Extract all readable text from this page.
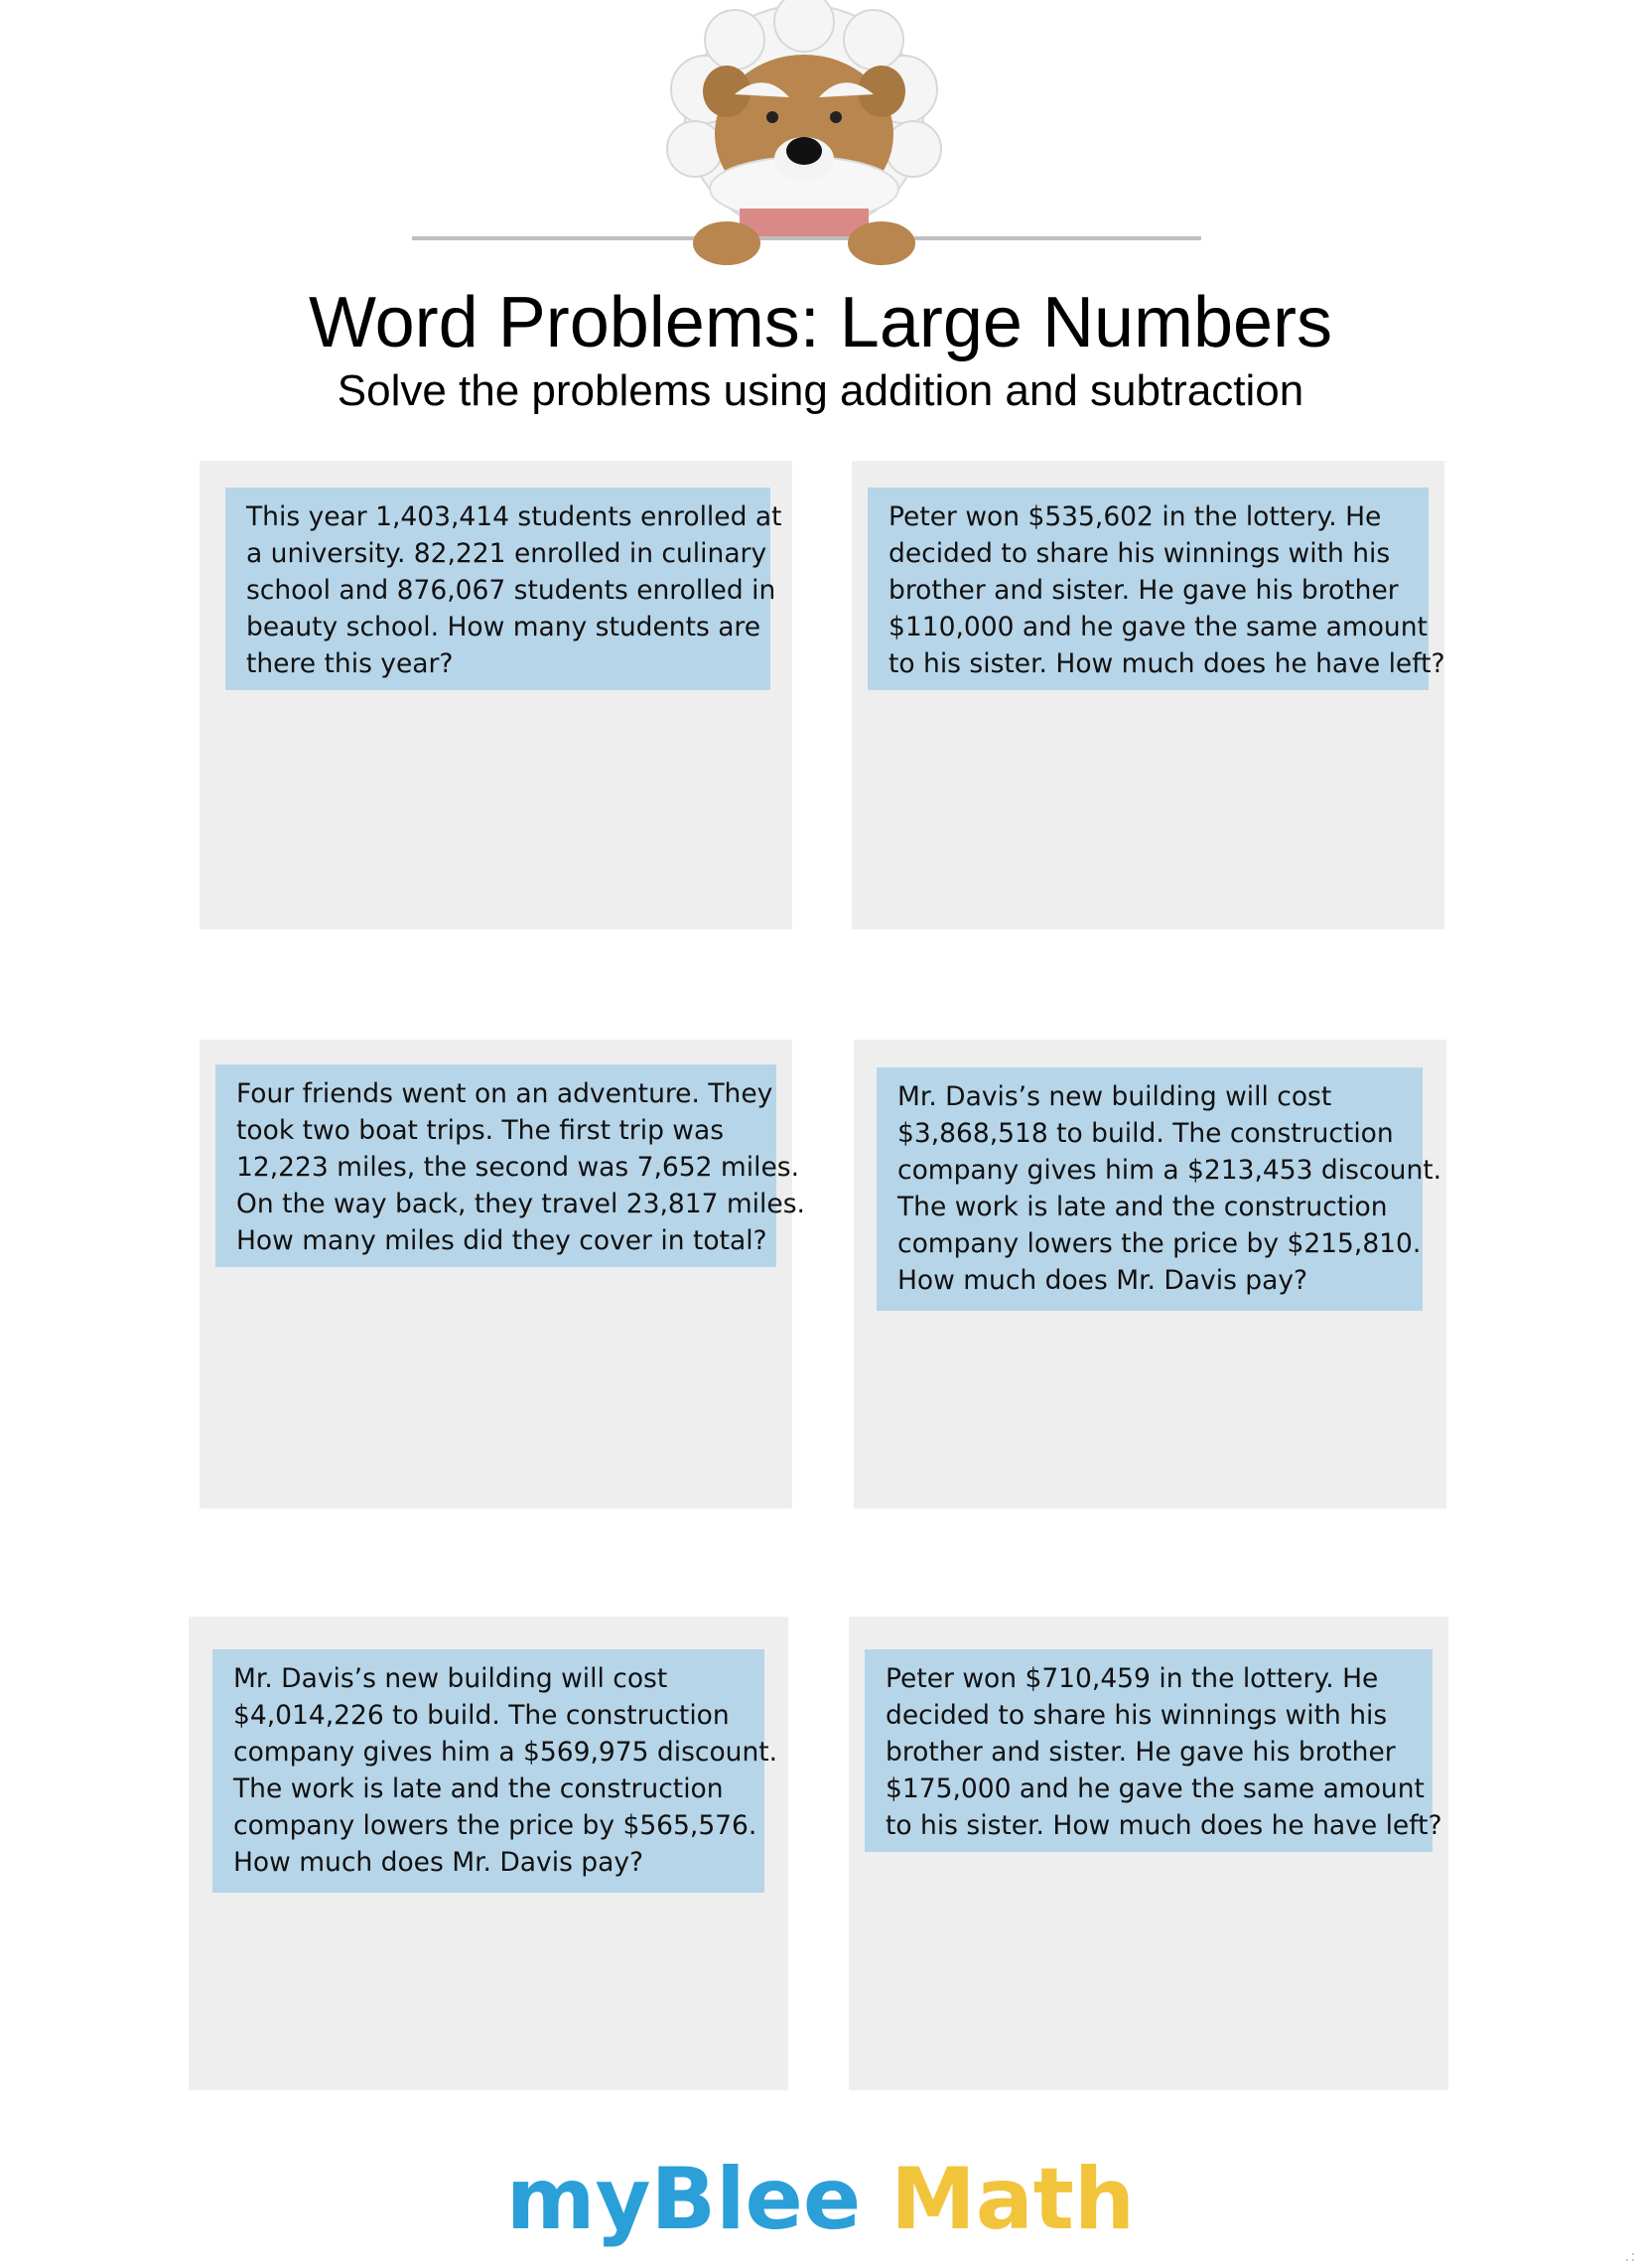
Word Problems: Large Numbers
Solve the problems using addition and subtraction
This year 1,403,414 students enrolled at
a university. 82,221 enrolled in culinary
school and 876,067 students enrolled in
beauty school. How many students are
there this year?
Peter won $535,602 in the lottery. He
decided to share his winnings with his
brother and sister. He gave his brother
$110,000 and he gave the same amount
to his sister. How much does he have left?
Four friends went on an adventure. They
took two boat trips. The first trip was
12,223 miles, the second was 7,652 miles.
On the way back, they travel 23,817 miles.
How many miles did they cover in total?
Mr. Davis’s new building will cost
$3,868,518 to build. The construction
company gives him a $213,453 discount.
The work is late and the construction
company lowers the price by $215,810.
How much does Mr. Davis pay?
Mr. Davis’s new building will cost
$4,014,226 to build. The construction
company gives him a $569,975 discount.
The work is late and the construction
company lowers the price by $565,576.
How much does Mr. Davis pay?
Peter won $710,459 in the lottery. He
decided to share his winnings with his
brother and sister. He gave his brother
$175,000 and he gave the same amount
to his sister. How much does he have left?
myBlee Math
